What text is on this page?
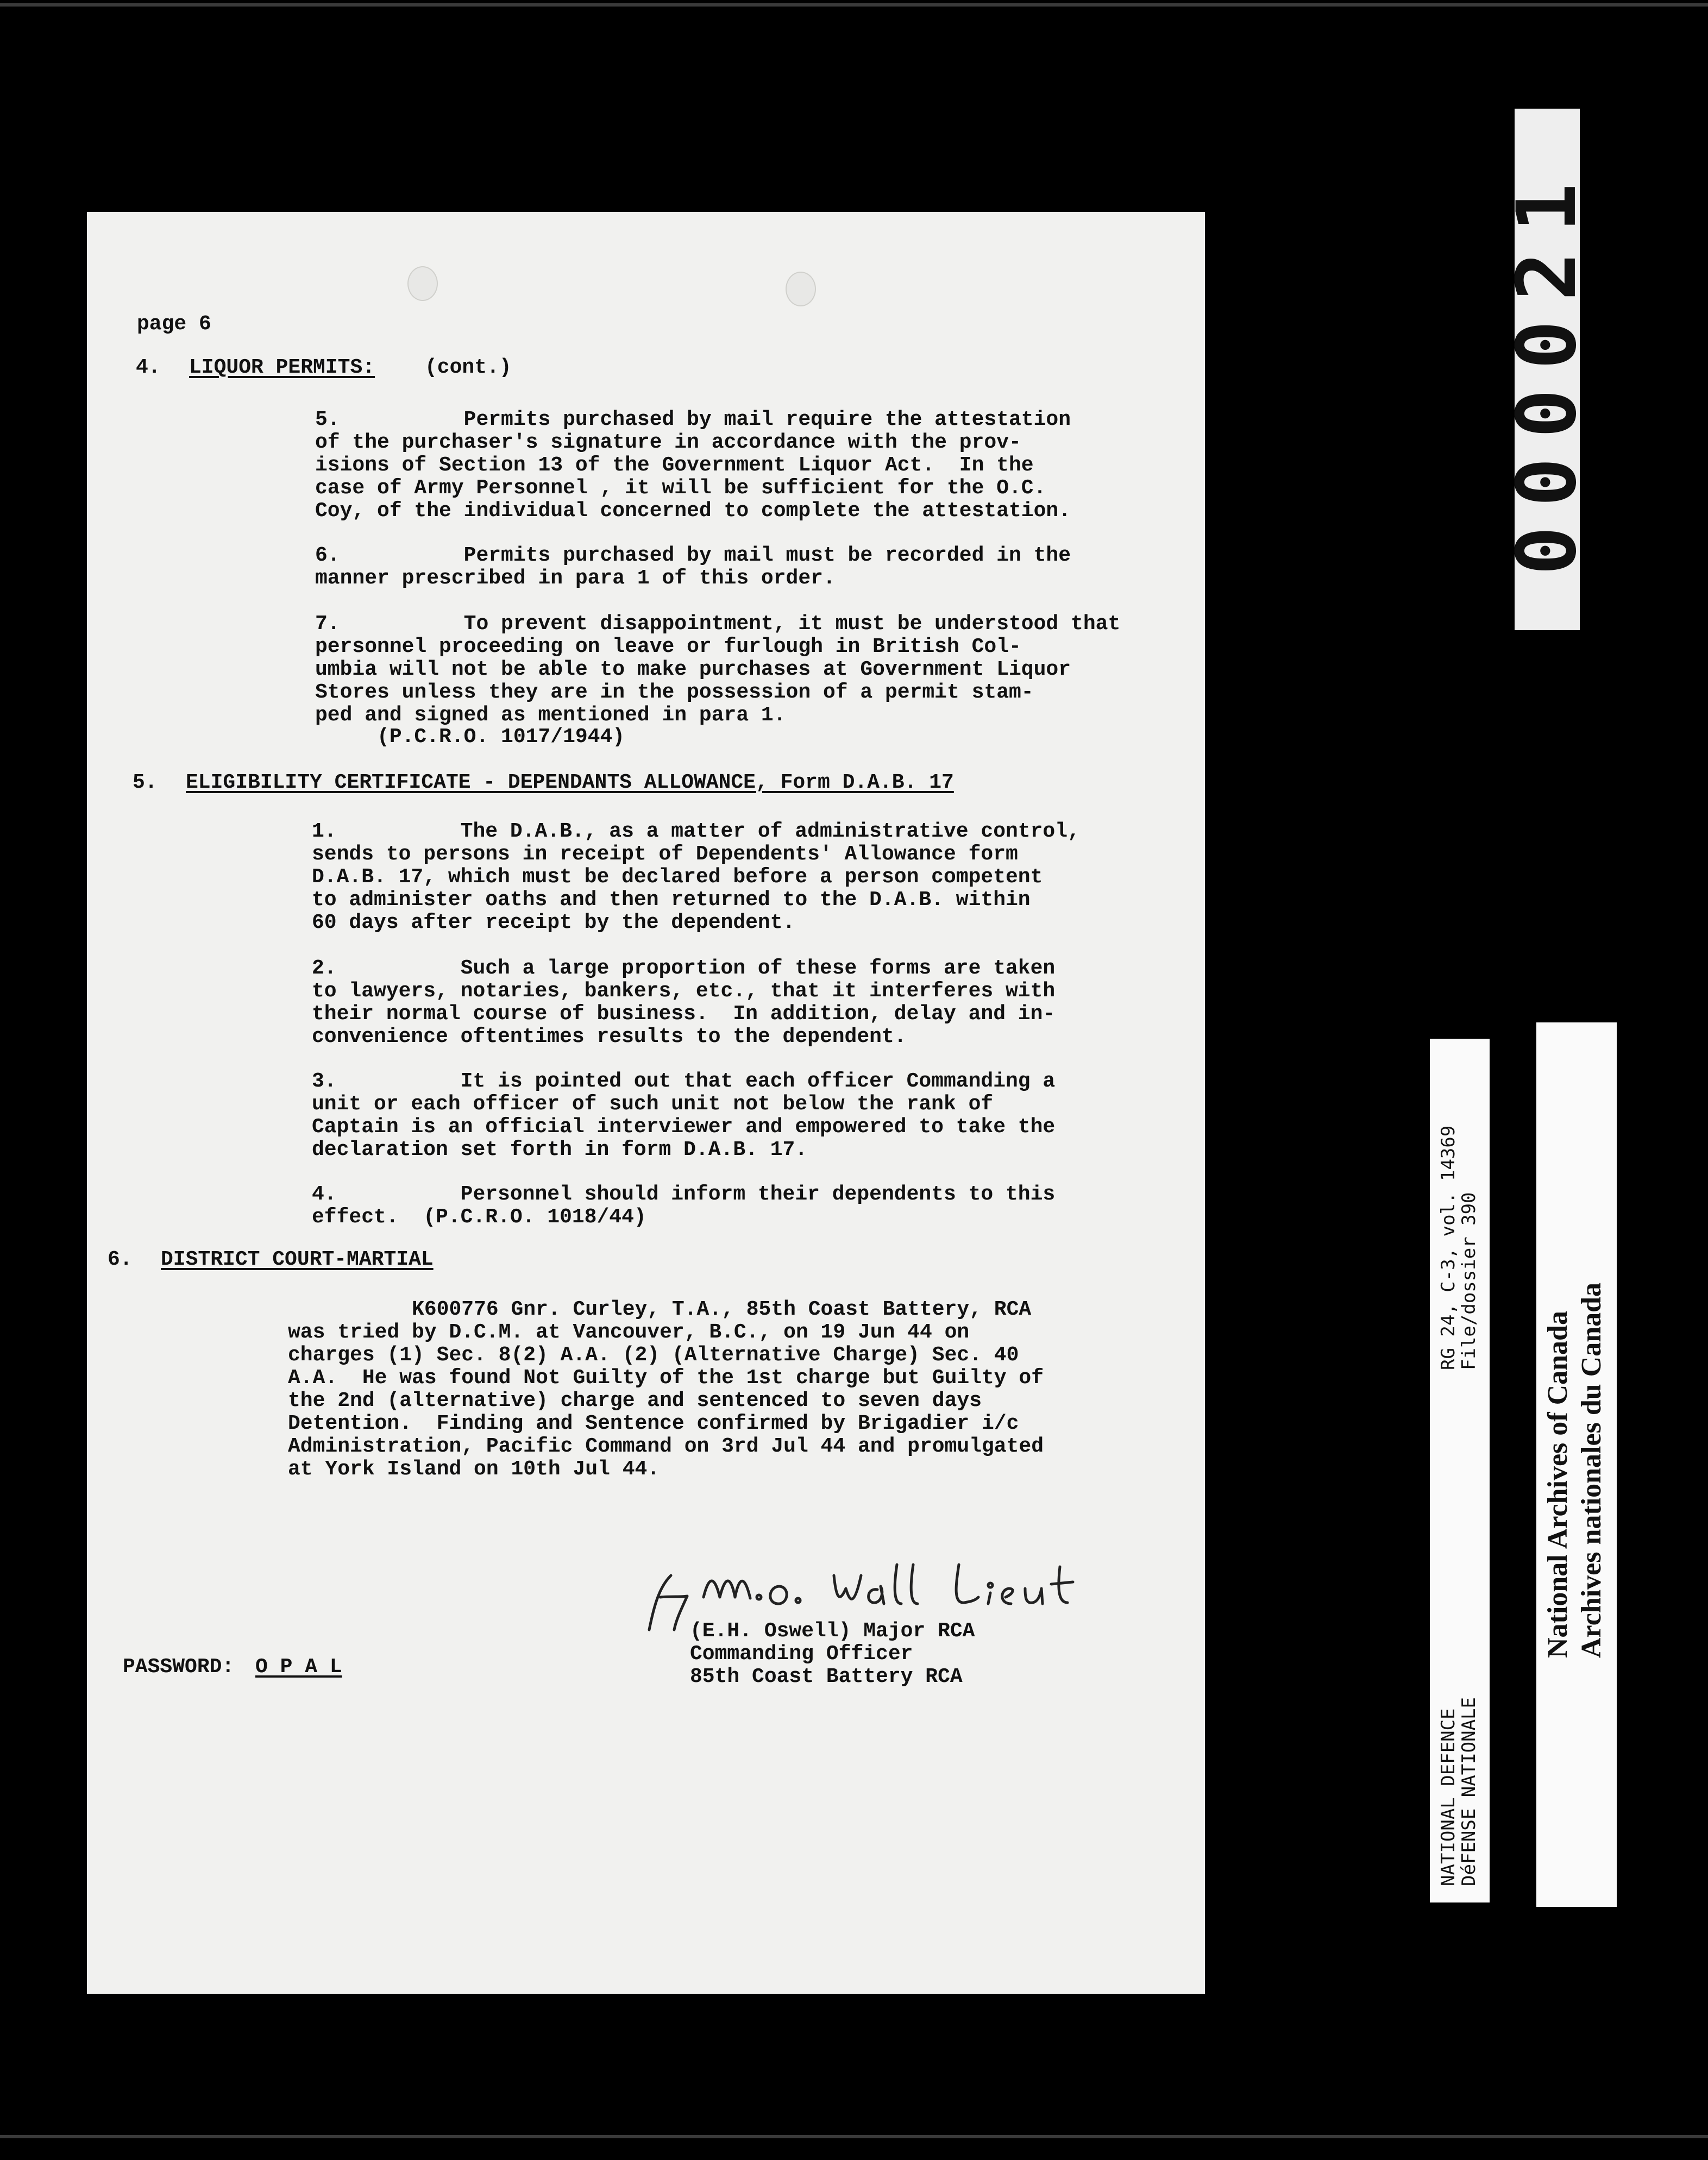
page 6
4. LIQUOR PERMITS: (cont.)
5.          Permits purchased by mail require the attestation
of the purchaser's signature in accordance with the prov-
isions of Section 13 of the Government Liquor Act.  In the
case of Army Personnel , it will be sufficient for the O.C.
Coy, of the individual concerned to complete the attestation.
6.          Permits purchased by mail must be recorded in the
manner prescribed in para 1 of this order.
7.          To prevent disappointment, it must be understood that
personnel proceeding on leave or furlough in British Col-
umbia will not be able to make purchases at Government Liquor
Stores unless they are in the possession of a permit stam-
ped and signed as mentioned in para 1.
(P.C.R.O. 1017/1944)
5. ELIGIBILITY CERTIFICATE - DEPENDANTS ALLOWANCE, Form D.A.B. 17
1.          The D.A.B., as a matter of administrative control,
sends to persons in receipt of Dependents' Allowance form
D.A.B. 17, which must be declared before a person competent
to administer oaths and then returned to the D.A.B. within
60 days after receipt by the dependent.
2.          Such a large proportion of these forms are taken
to lawyers, notaries, bankers, etc., that it interferes with
their normal course of business.  In addition, delay and in-
convenience oftentimes results to the dependent.
3.          It is pointed out that each officer Commanding a
unit or each officer of such unit not below the rank of
Captain is an official interviewer and empowered to take the
declaration set forth in form D.A.B. 17.
4.          Personnel should inform their dependents to this
effect.  (P.C.R.O. 1018/44)
6. DISTRICT COURT-MARTIAL
K600776 Gnr. Curley, T.A., 85th Coast Battery, RCA
was tried by D.C.M. at Vancouver, B.C., on 19 Jun 44 on
charges (1) Sec. 8(2) A.A. (2) (Alternative Charge) Sec. 40
A.A.  He was found Not Guilty of the 1st charge but Guilty of
the 2nd (alternative) charge and sentenced to seven days
Detention.  Finding and Sentence confirmed by Brigadier i/c
Administration, Pacific Command on 3rd Jul 44 and promulgated
at York Island on 10th Jul 44.
(E.H. Oswell) Major RCA
Commanding Officer
85th Coast Battery RCA
PASSWORD: O P A L
000021
NATIONAL DEFENCE
DéFENSE NATIONALE
RG 24, C-3, vol. 14369
File/dossier 390
National Archives of Canada Archives nationales du Canada
